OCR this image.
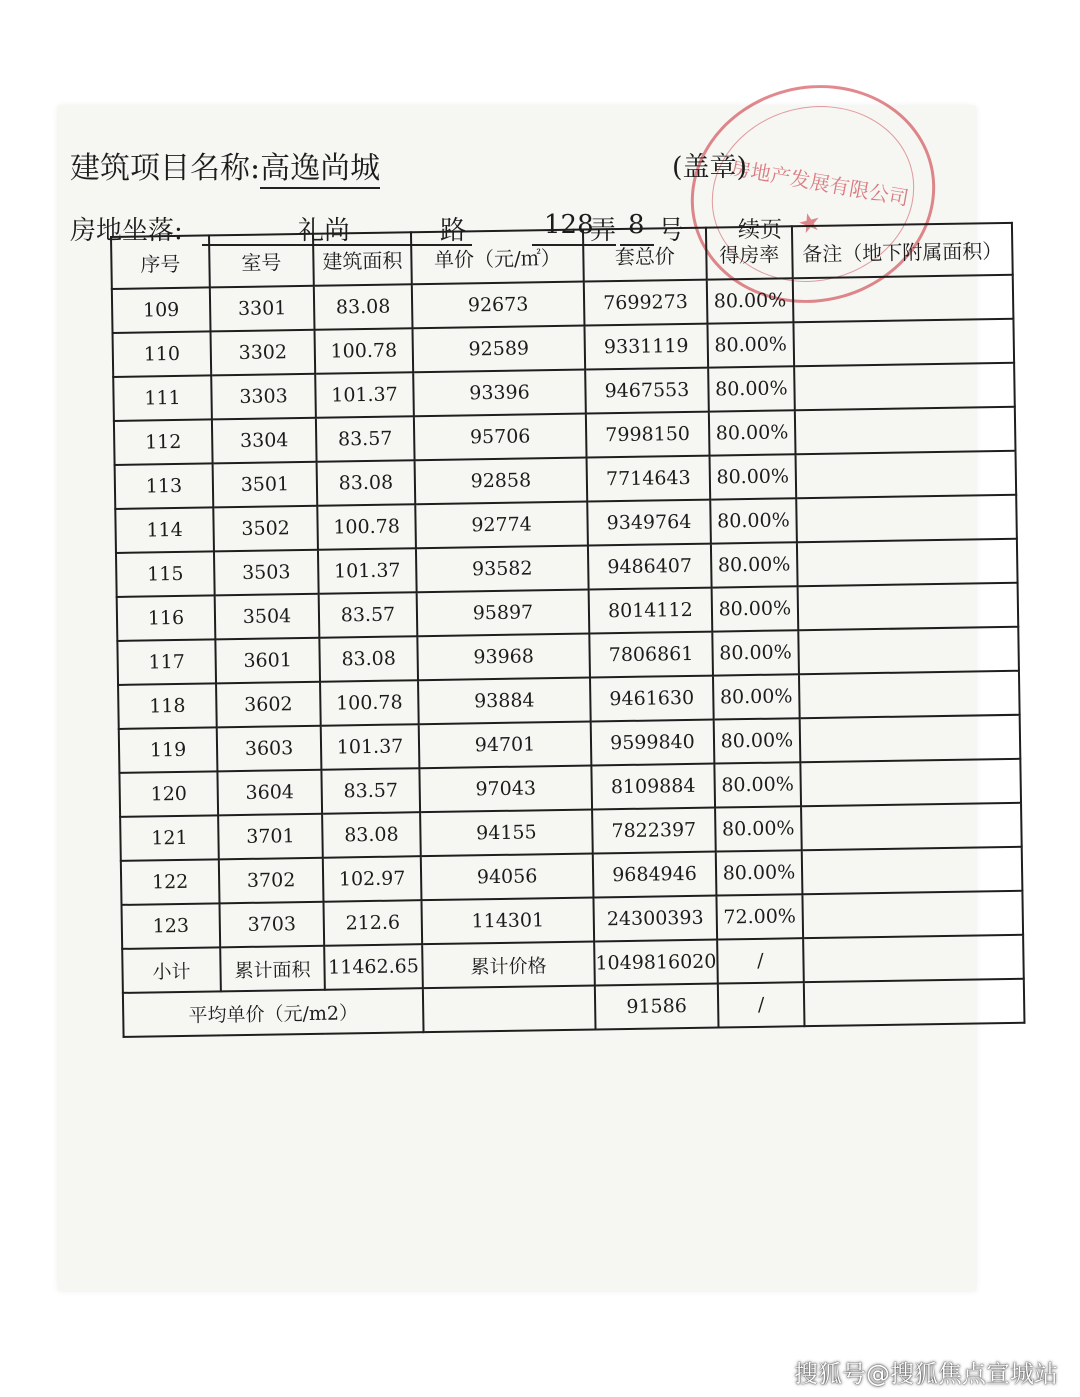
房地产发展有限公司
★
建筑项目名称:高逸尚城	(盖章)
房地坐落:	礼尚	路	128
弄 8 号 续页
序号	室号	建筑面积	单价（元/㎡）	套总价	得房率	备注（地下附属面积）
109	3301	83.08	92673	7699273	80.00%	
110	3302	100.78	92589	9331119	80.00%	
111	3303	101.37	93396	9467553	80.00%	
112	3304	83.57	95706	7998150	80.00%	
113	3501	83.08	92858	7714643	80.00%	
114	3502	100.78	92774	9349764	80.00%	
115	3503	101.37	93582	9486407	80.00%	
116	3504	83.57	95897	8014112	80.00%	
117	3601	83.08	93968	7806861	80.00%	
118	3602	100.78	93884	9461630	80.00%	
119	3603	101.37	94701	9599840	80.00%	
120	3604	83.57	97043	8109884	80.00%	
121	3701	83.08	94155	7822397	80.00%	
122	3702	102.97	94056	9684946	80.00%	
123	3703	212.6	114301	24300393	72.00%	
小计	累计面积	11462.65	累计价格	1049816020	/	
平均单价（元/m2）				91586	/	
搜狐号@搜狐焦点宣城站
